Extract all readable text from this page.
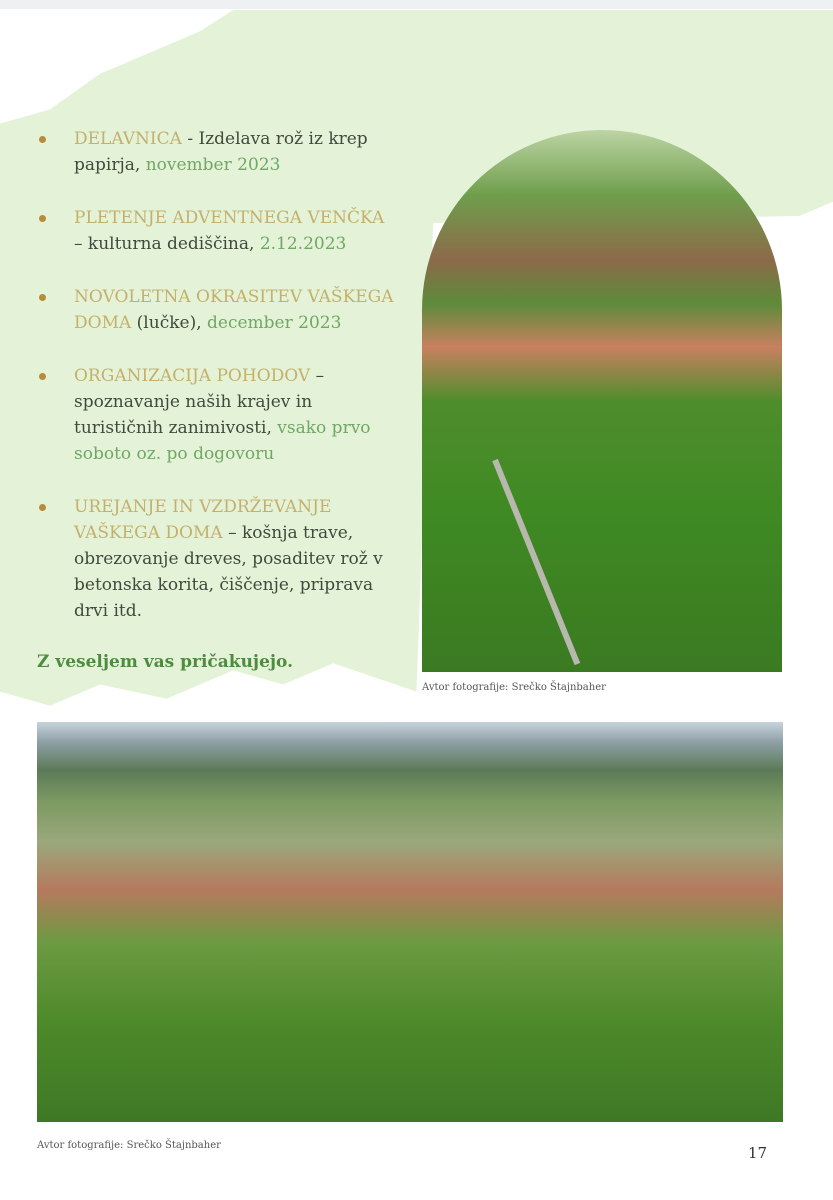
DELAVNICA - Izdelava rož iz krep papirja, november 2023
PLETENJE ADVENTNEGA VENČKA – kulturna dediščina, 2.12.2023
NOVOLETNA OKRASITEV VAŠKEGA DOMA (lučke), december 2023
ORGANIZACIJA POHODOV – spoznavanje naših krajev in turističnih zanimivosti, vsako prvo soboto oz. po dogovoru
UREJANJE IN VZDRŽEVANJE VAŠKEGA DOMA – košnja trave, obrezovanje dreves, posaditev rož v betonska korita, čiščenje, priprava drvi itd.
Z veseljem vas pričakujejo.
Avtor fotografije: Srečko Štajnbaher
Avtor fotografije: Srečko Štajnbaher	17
